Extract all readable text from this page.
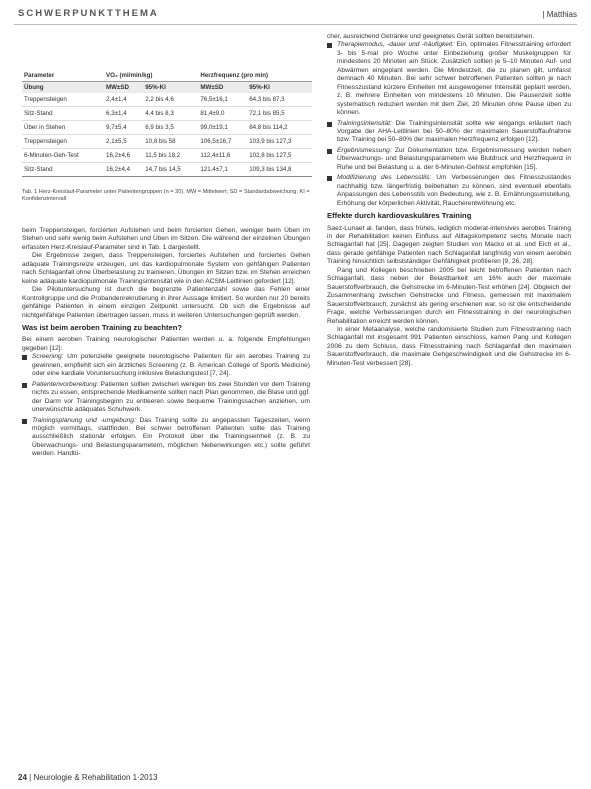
SCHWERPUNKTTHEMA	| Matthias
Parameter	VO₂ (ml/min/kg)		Herzfrequenz (pro min)	
Übung	MW±SD	95%-KI	MW±SD	95%-KI
Treppensteigen	2,4±1,4	2,2 bis 4,6	76,5±16,1	64,3 bis 87,3
Sitz-Stand	6,3±1,4	4,4 bis 8,3	81,4±9,0	72,1 bis 85,5
Über in Stehen	9,7±5,4	6,9 bis 3,5	99,0±19,1	84,8 bis 114,2
Treppensteigen	2,1±5,5	10,8 bis 58	106,5±16,7	103,9 bis 127,3
6-Minuten-Geh-Test	16,2±4,6	11,5 bis 18,2	112,4±11,6	102,8 bis 127,5
Sitz-Stand	16,2±4,4	14,7 bis 14,5	121,4±7,1	109,3 bis 134,8
Tab. 1 Herz-Kreislauf-Parameter unter Patientengruppen (n = 20). MW = Mittelwert; SD = Standardabweichung; KI = Konfidenzintervall

beim Treppensteigen, forcierten Aufstehen und beim forcierten Gehen, weniger beim Üben im Stehen und sehr wenig beim Aufstehen und Üben im Sitzen. Die während der einzelnen Übungen erfassten Herz-Kreislauf-Parameter sind in Tab. 1 dargestellt.

Die Ergebnisse zeigen, dass Treppensteigen, forciertes Aufstehen und forciertes Gehen adäquate Trainingsreize erzeugen, um das kardiopulmonale System von gehfähigen Patienten nach Schlaganfall ohne Überbelastung zu trainieren. Übungen im Sitzen bzw. im Stehen erreichen keine adäquate kardiopulmonale Trainingsintensität wie in den ACSM-Leitlinien gefordert [12].

Die Pilotuntersuchung ist durch die begrenzte Patientenzahl sowie das Fehlen einer Kontrollgruppe und die Probandenrekrutierung in ihrer Aussage limitiert. So wurden nur 20 bereits gehfähige Patienten in einem einzigen Zeitpunkt untersucht. Ob sich die Ergebnisse auf nichtgehfähige Patienten übertragen lassen, muss in weiteren Untersuchungen geprüft werden.

Was ist beim aeroben Training zu beachten?

Bei einem aeroben Training neurologischer Patienten werden u. a. folgende Empfehlungen gegeben [12]:

Screening: Um potenzielle geeignete neurologische Patienten für ein aerobes Training zu gewinnen, empfiehlt sich ein ärztliches Screening (z. B. American College of Sports Medicine) oder eine kardiale Voruntersuchung inklusive Belastungstest [7, 24].
Patientenvorbereitung: Patienten sollten zwischen wenigen bis zwei Stunden vor dem Training nichts zu essen, entsprechende Medikamente sollten nach Plan genommen, die Blase und ggf. der Darm vor Trainingsbeginn zu entleeren sowie bequeme Trainingssachen anziehen, um unerwünschte adäquates Schuhwerk.
Trainingsplanung und -umgebung: Das Training sollte zu angepassten Tageszeiten, wenn möglich vormittags, stattfinden. Bei schwer betroffenen Patienten sollte das Training ausschließlich stationär erfolgen. Ein Protokoll über die Trainingseinheit (z. B. zu Überwachungs- und Belastungsparametern, möglichen Nebenwirkungen etc.) sollte geführt werden. Handtü-

cher, ausreichend Getränke und geeignetes Gerät sollten bereitstehen.

Therapiemodus, -dauer und -häufigkeit: Ein, optimales Fitnesstraining erfordert 3- bis 5-mal pro Woche unter Einbeziehung großer Muskelgruppen für mindestens 20 Minuten am Stück. Zusätzlich sollten je 5–10 Minuten Auf- und Abwärmen eingeplant werden. Die Mindestzeit, die zu planen gilt, umfasst demnach 40 Minuten. Bei sehr schwer betroffenen Patienten sollten je nach Fitnesszustand kürzere Einheiten mit ausgewogener Intensität geplant werden, z. B. mehrere Einheiten von mindestens 10 Minuten. Die Pausenzeit sollte systematisch reduziert werden mit dem Ziel, 20 Minuten ohne Pause üben zu können.
Trainingsintensität: Die Trainingsintensität sollte wie eingangs erläutert nach Vorgabe der AHA-Leitlinien bei 50–80% der maximalen Sauerstoffaufnahme bzw. Training bei 50–80% der maximalen Herzfrequenz erfolgen [12].
Ergebnismessung: Zur Dokumentation bzw. Ergebnismessung werden neben Überwachungs- und Belastungsparametern wie Blutdruck und Herzfrequenz in Ruhe und bei Belastung u. a. der 6-Minuten-Gehtest empfohlen [15].
Modifizierung des Lebensstils: Um Verbesserungen des Fitnesszustandes nachhaltig bzw. längerfristig beibehalten zu können, sind eventuell ebenfalls Anpassungen des Lebensstils von Bedeutung, wie z. B. Ernährungsumstellung, Erhöhung der körperlichen Aktivität, Raucherentwöhnung etc.
Effekte durch kardiovaskuläres Training

Saez-Lunaet al. fanden, dass frühes, lediglich moderat-intensives aerobes Training in der Rehabilitation keinen Einfluss auf Alltagskompetenz sechs Monate nach Schlaganfall hat [25]. Dagegen zeigten Studien von Macko et al. und Eich et al., dass gerade gehfähige Patienten nach Schlaganfall langfristig von einem aeroben Training hinsichtlich selbstständiger Gehfähigkeit profitieren [9, 26, 28].

Pang und Kollegen beschrieben 2005 bei leicht betroffenen Patienten nach Schlaganfall, dass neben der Belastbarkeit um 16% auch der maximale Sauerstoffverbrauch, die Gehstrecke im 6-Minuten-Test erhöhen [24]. Obgleich der Zusammenhang zwischen Gehstrecke und Fitness, gemessen mit maximalem Sauerstoffverbrauch, zunächst als gering erschienen war, so ist die entscheidende Frage, welche Verbesserungen durch ein Fitnesstraining in der neurologischen Rehabilitation erreicht werden können.

In einer Metaanalyse, welche randomisierte Studien zum Fitnesstraining nach Schlaganfall mit insgesamt 991 Patienten einschloss, kamen Pang und Kollegen 2006 zu dem Schluss, dass Fitnesstraining nach Schlaganfall den maximalen Sauerstoffverbrauch, die maximale Gehgeschwindigkeit und die Gehstrecke im 6-Minuten-Test verbessert [28].

24 | Neurologie & Rehabilitation 1·2013
